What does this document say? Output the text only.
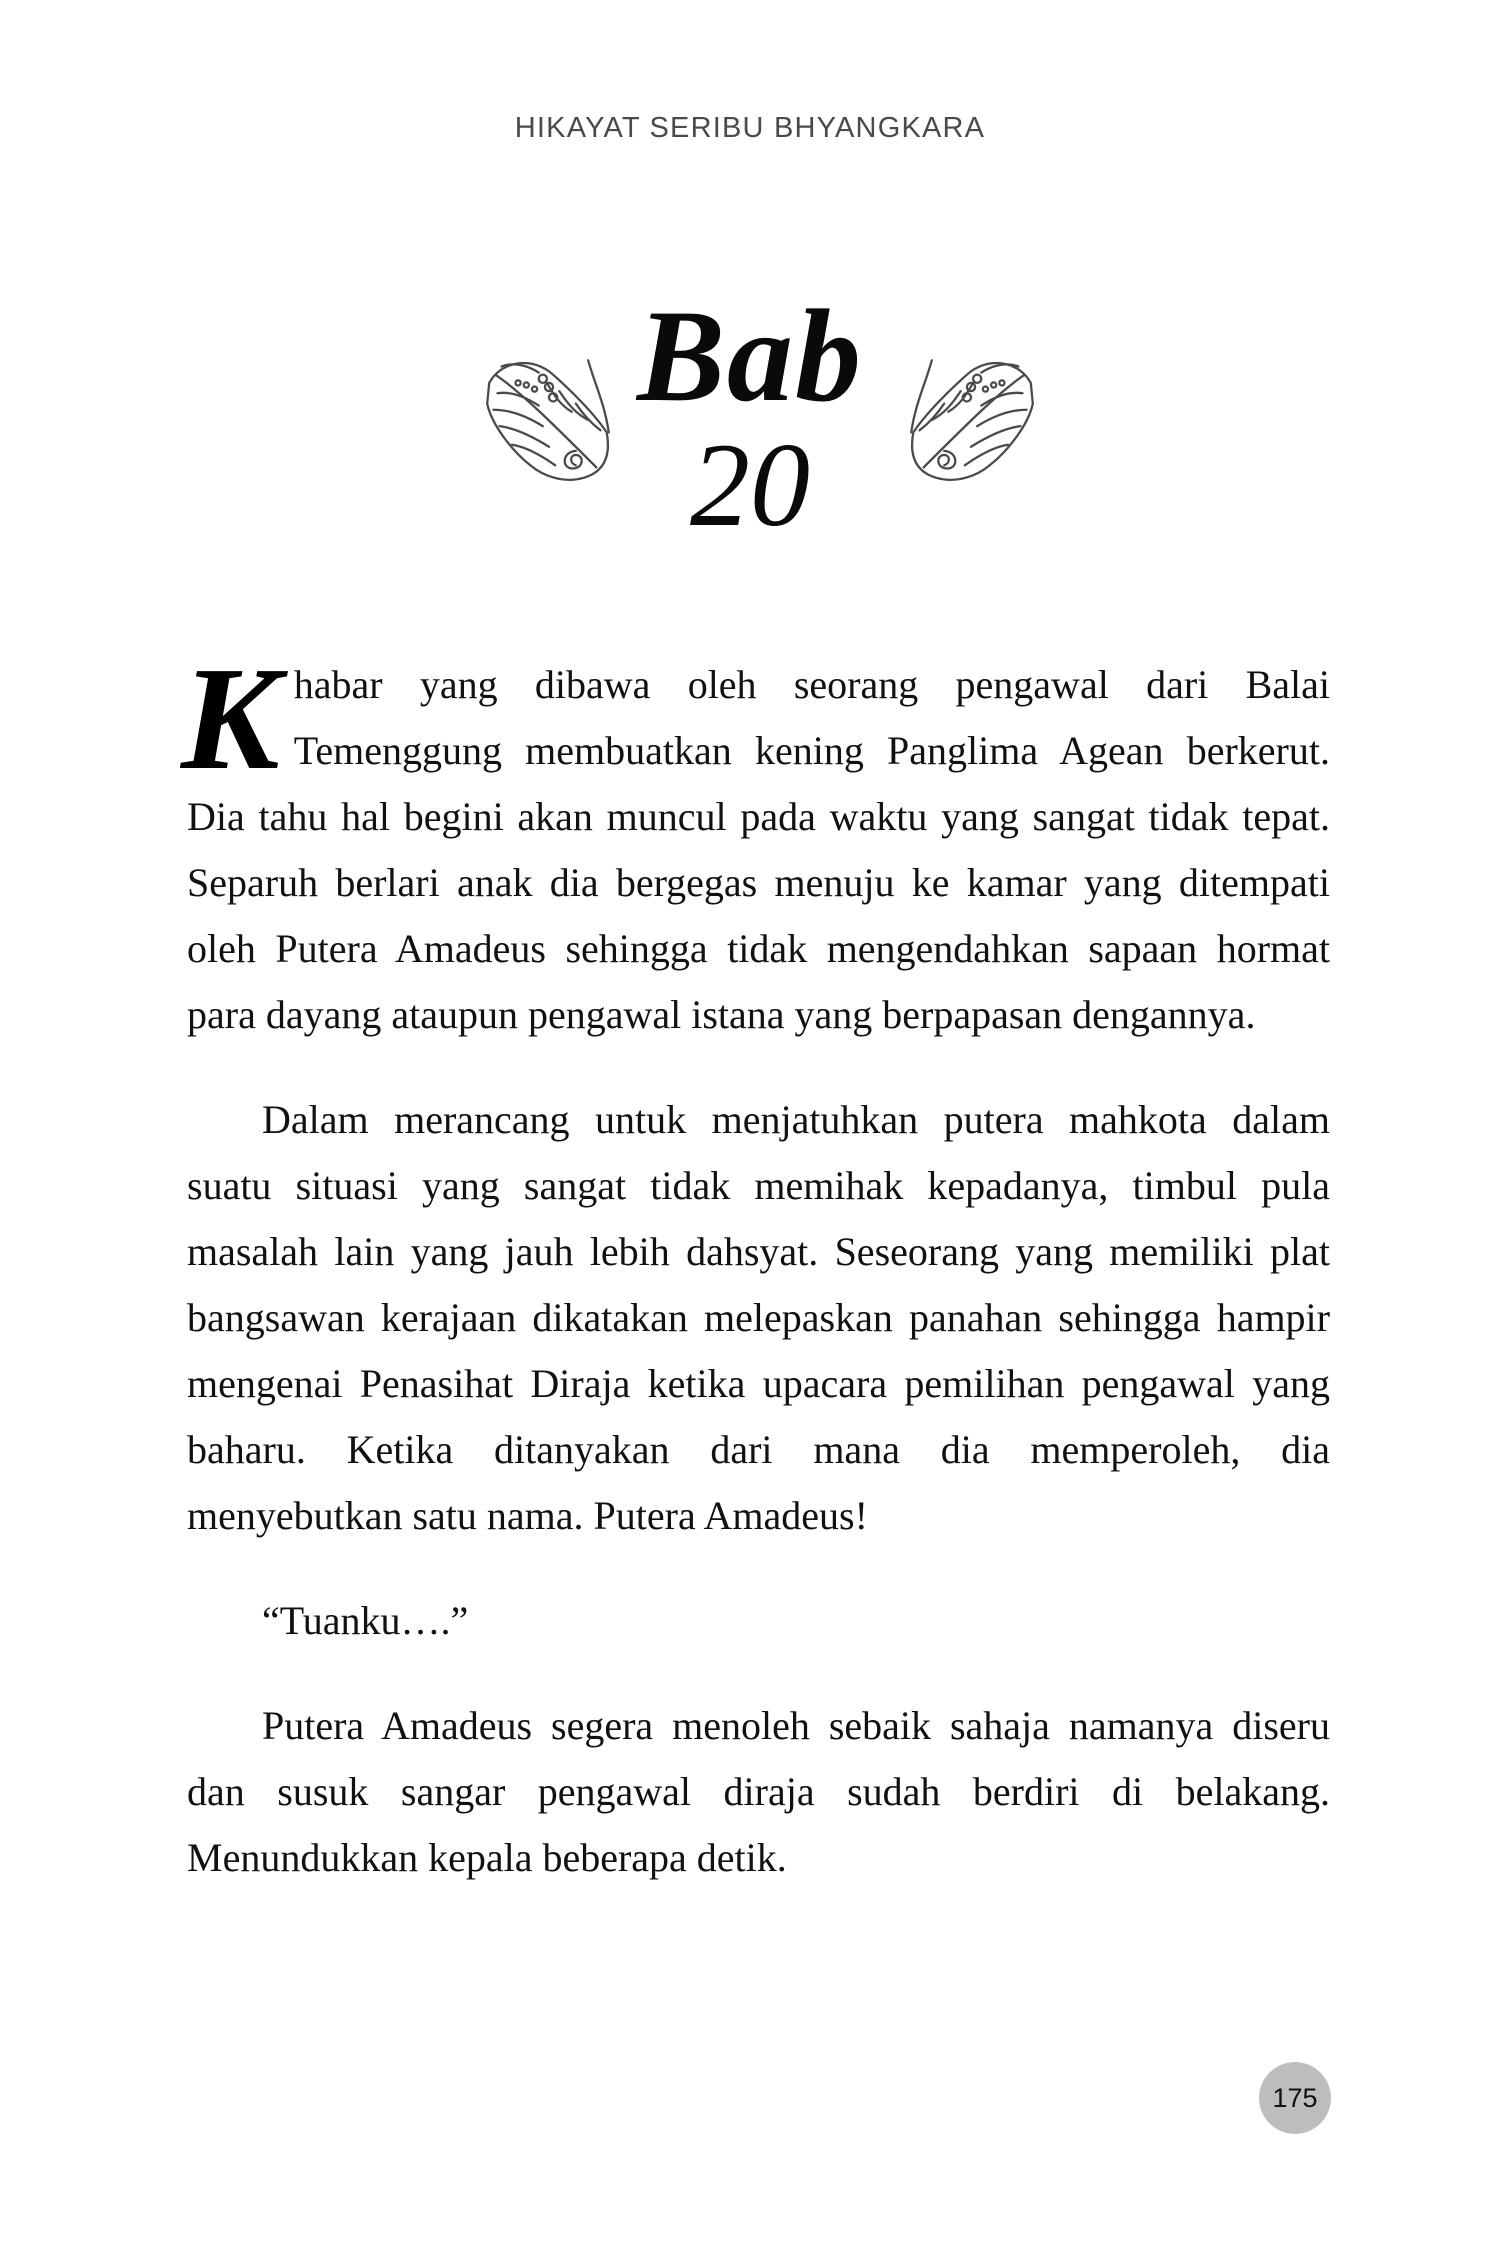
HIKAYAT SERIBU BHYANGKARA
Bab
20

Khabar yang dibawa oleh seorang pengawal dari Balai Temenggung membuatkan kening Panglima Agean berkerut. Dia tahu hal begini akan muncul pada waktu yang sangat tidak tepat. Separuh berlari anak dia bergegas menuju ke kamar yang ditempati oleh Putera Amadeus sehingga tidak mengendahkan sapaan hormat para dayang ataupun pengawal istana yang berpapasan dengannya.

Dalam merancang untuk menjatuhkan putera mahkota dalam suatu situasi yang sangat tidak memihak kepadanya, timbul pula masalah lain yang jauh lebih dahsyat. Seseorang yang memiliki plat bangsawan kerajaan dikatakan melepaskan panahan sehingga hampir mengenai Penasihat Diraja ketika upacara pemilihan pengawal yang baharu. Ketika ditanyakan dari mana dia memperoleh, dia menyebutkan satu nama. Putera Amadeus!

“Tuanku….”

Putera Amadeus segera menoleh sebaik sahaja namanya diseru dan susuk sangar pengawal diraja sudah berdiri di belakang. Menundukkan kepala beberapa detik.

175
